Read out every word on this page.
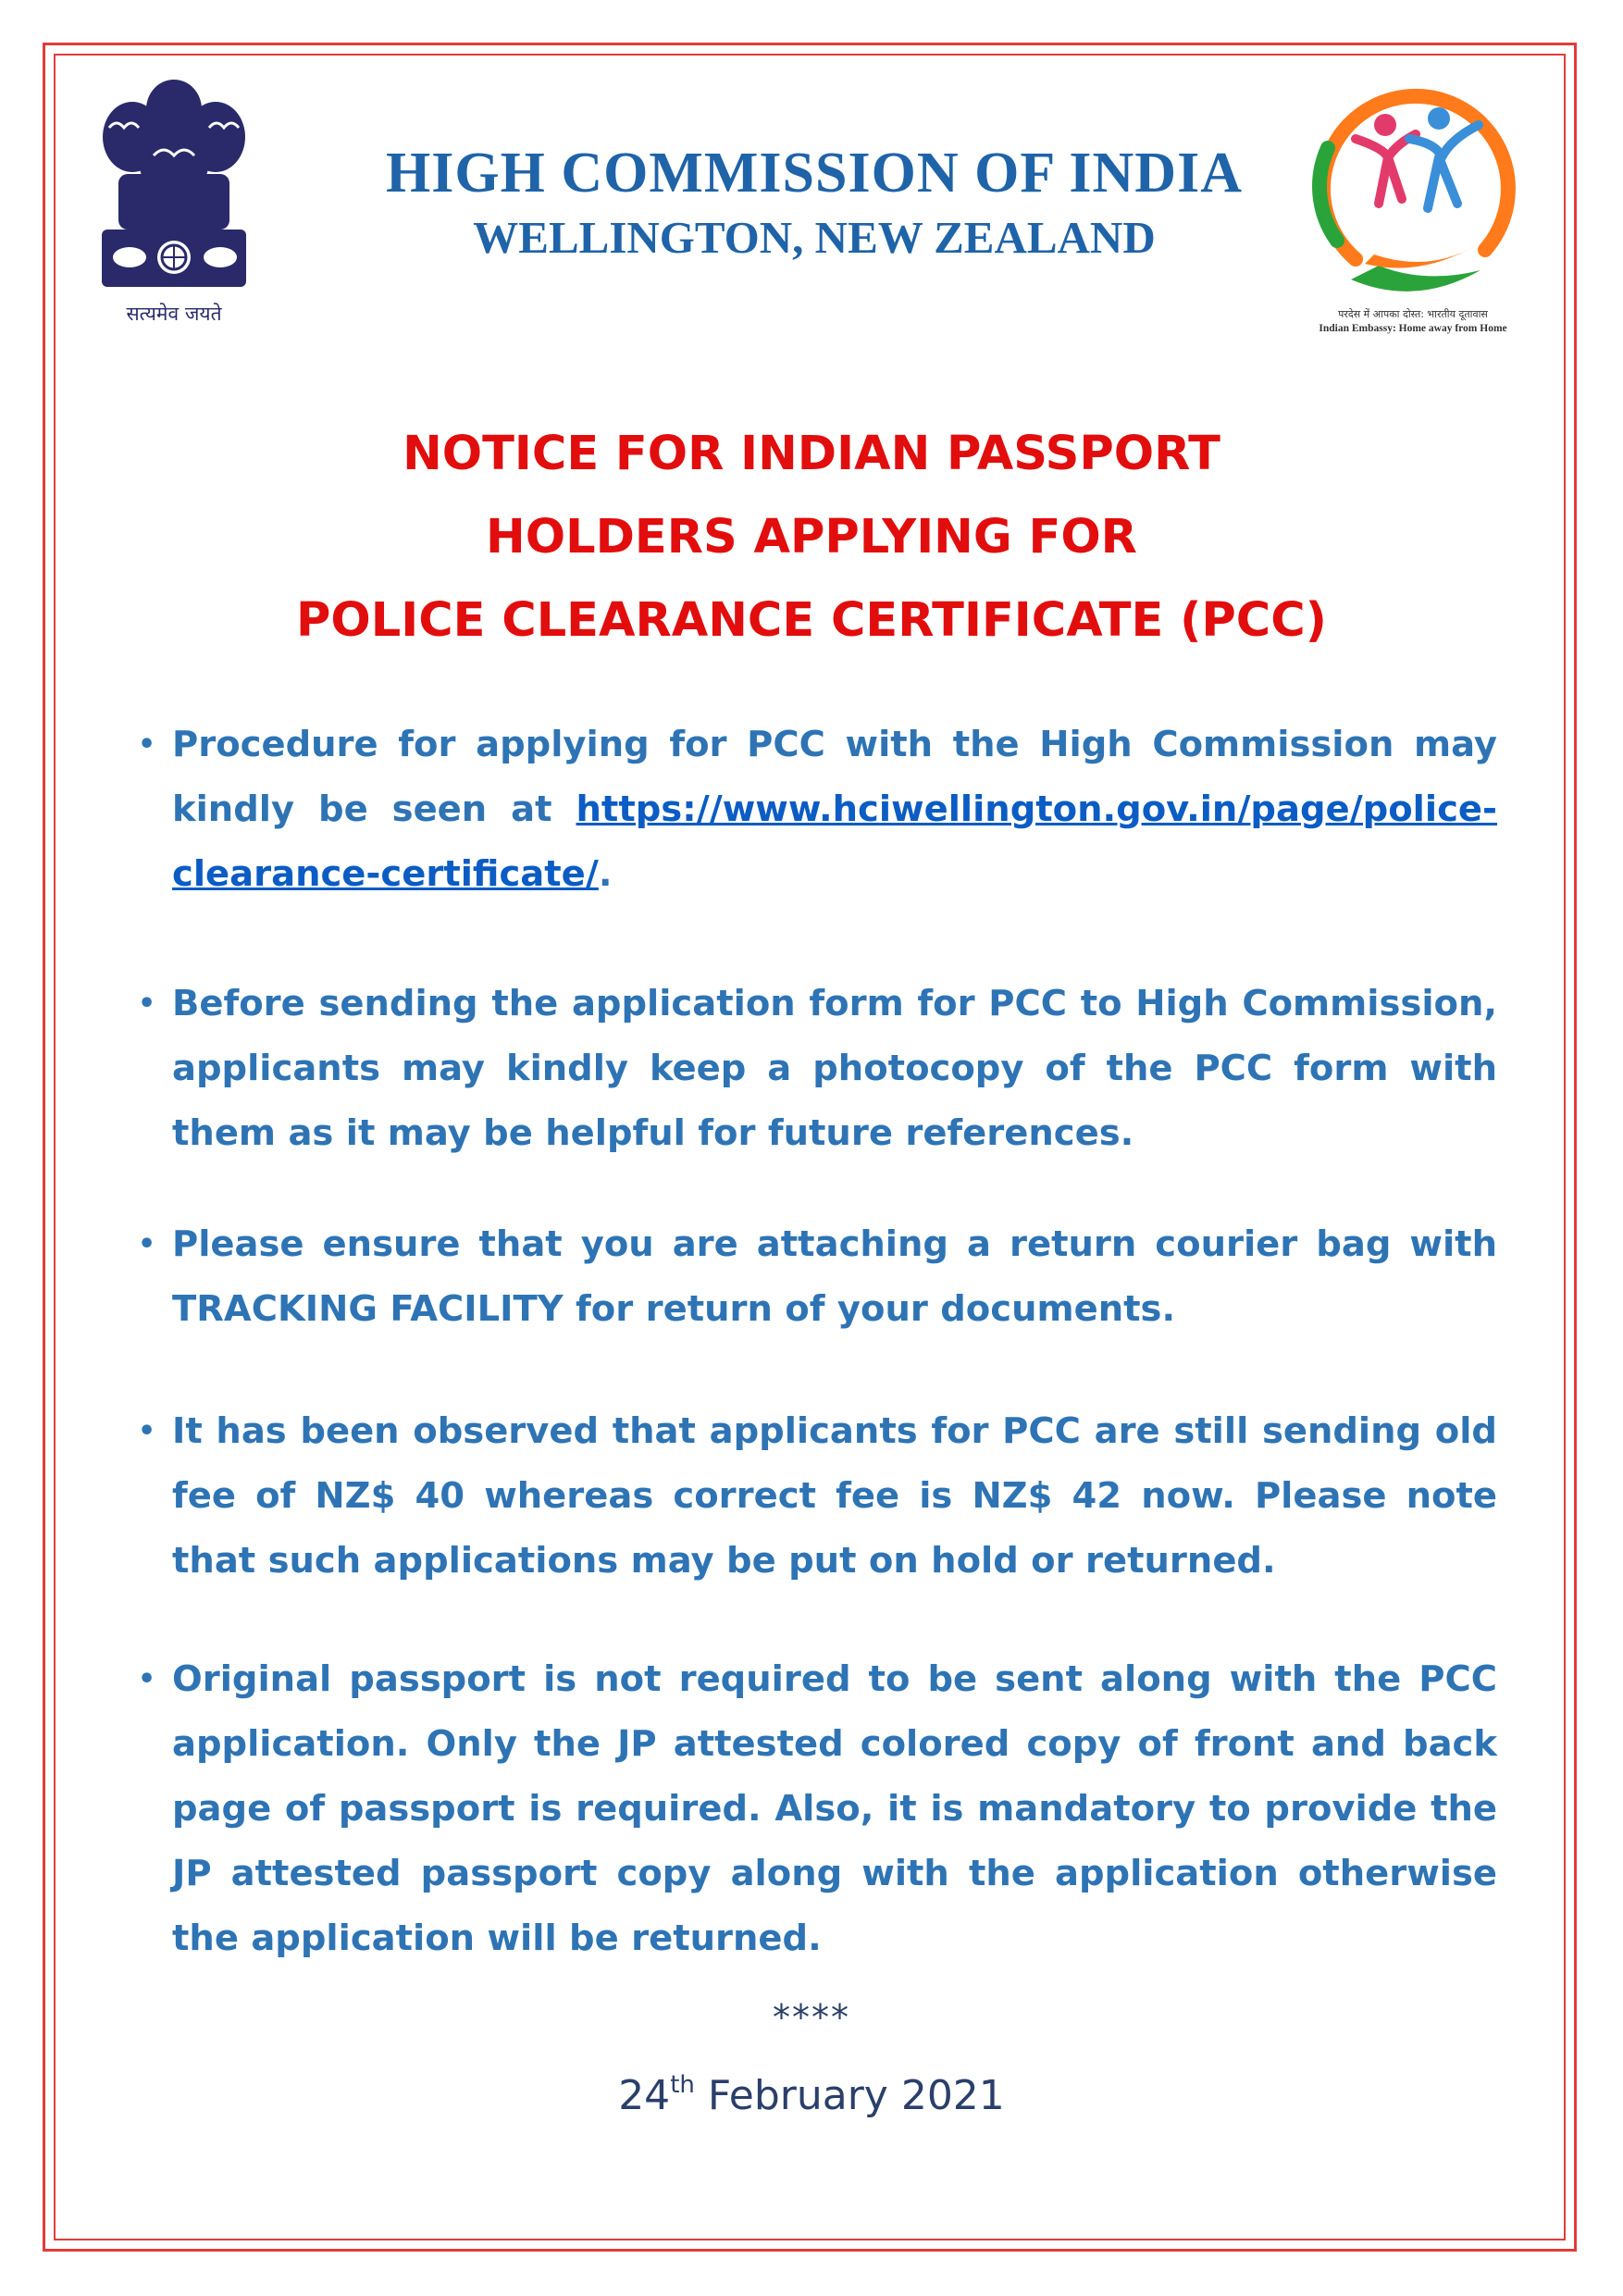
सत्यमेव जयते
HIGH COMMISSION OF INDIA
WELLINGTON, NEW ZEALAND
परदेस में आपका दोस्त: भारतीय दूतावास
Indian Embassy: Home away from Home
NOTICE FOR INDIAN PASSPORT
HOLDERS APPLYING FOR
POLICE CLEARANCE CERTIFICATE (PCC)
• Procedure for applying for PCC with the High Commission may kindly be seen at https://www.hciwellington.gov.in/page/police-clearance-certificate/.
• Before sending the application form for PCC to High Commission, applicants may kindly keep a photocopy of the PCC form with them as it may be helpful for future references.
• Please ensure that you are attaching a return courier bag with TRACKING FACILITY for return of your documents.
• It has been observed that applicants for PCC are still sending old fee of NZ$ 40 whereas correct fee is NZ$ 42 now. Please note that such applications may be put on hold or returned.
• Original passport is not required to be sent along with the PCC application. Only the JP attested colored copy of front and back page of passport is required. Also, it is mandatory to provide the JP attested passport copy along with the application otherwise the application will be returned.
****
24th February 2021
